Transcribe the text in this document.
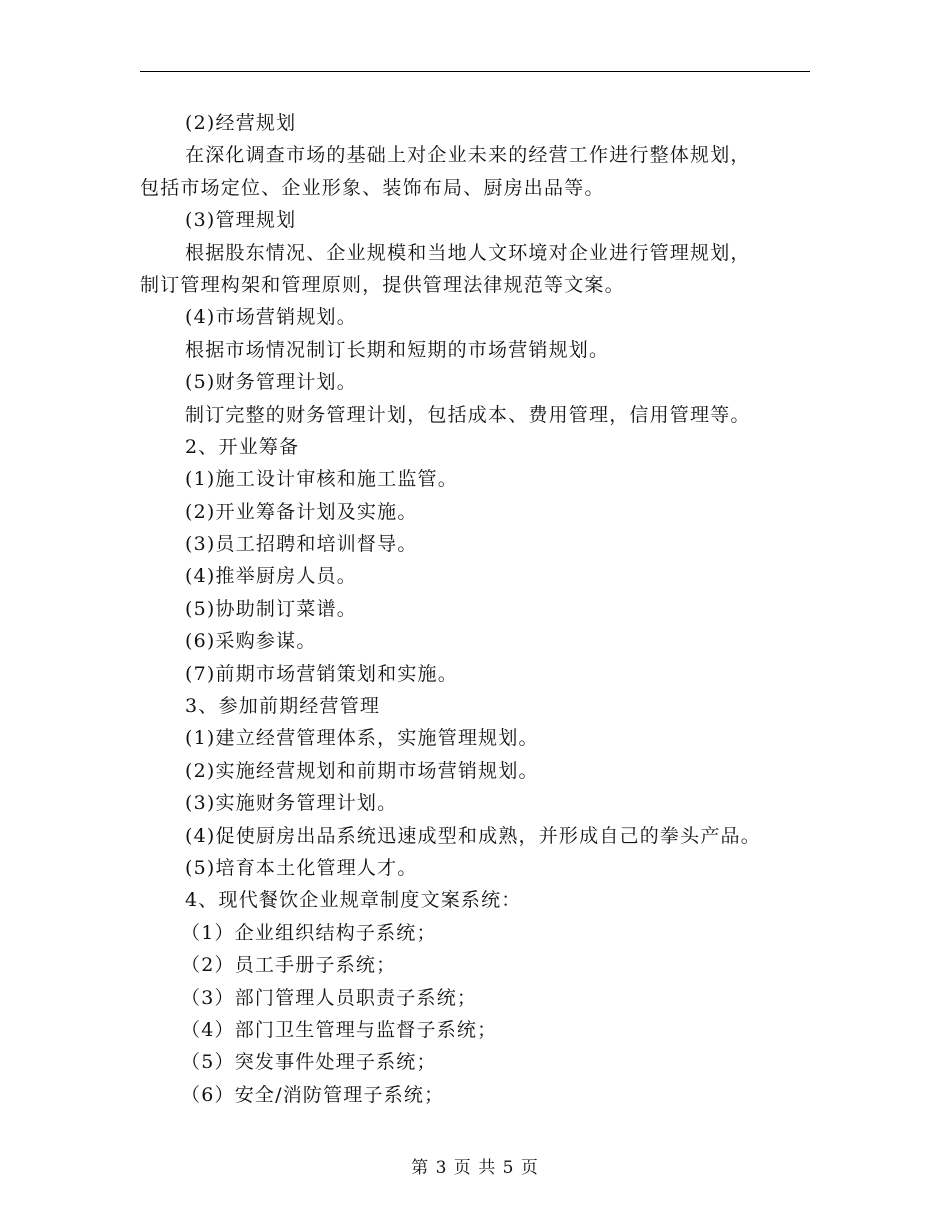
(2)经营规划
在深化调查市场的基础上对企业未来的经营工作进行整体规划，
包括市场定位、企业形象、装饰布局、厨房出品等。
(3)管理规划
根据股东情况、企业规模和当地人文环境对企业进行管理规划，
制订管理构架和管理原则，提供管理法律规范等文案。
(4)市场营销规划。
根据市场情况制订长期和短期的市场营销规划。
(5)财务管理计划。
制订完整的财务管理计划，包括成本、费用管理，信用管理等。
2、开业筹备
(1)施工设计审核和施工监管。
(2)开业筹备计划及实施。
(3)员工招聘和培训督导。
(4)推举厨房人员。
(5)协助制订菜谱。
(6)采购参谋。
(7)前期市场营销策划和实施。
3、参加前期经营管理
(1)建立经营管理体系，实施管理规划。
(2)实施经营规划和前期市场营销规划。
(3)实施财务管理计划。
(4)促使厨房出品系统迅速成型和成熟，并形成自己的拳头产品。
(5)培育本土化管理人才。
4、现代餐饮企业规章制度文案系统：
（1）企业组织结构子系统；
（2）员工手册子系统；
（3）部门管理人员职责子系统；
（4）部门卫生管理与监督子系统；
（5）突发事件处理子系统；
（6）安全/消防管理子系统；
第 3 页 共 5 页
